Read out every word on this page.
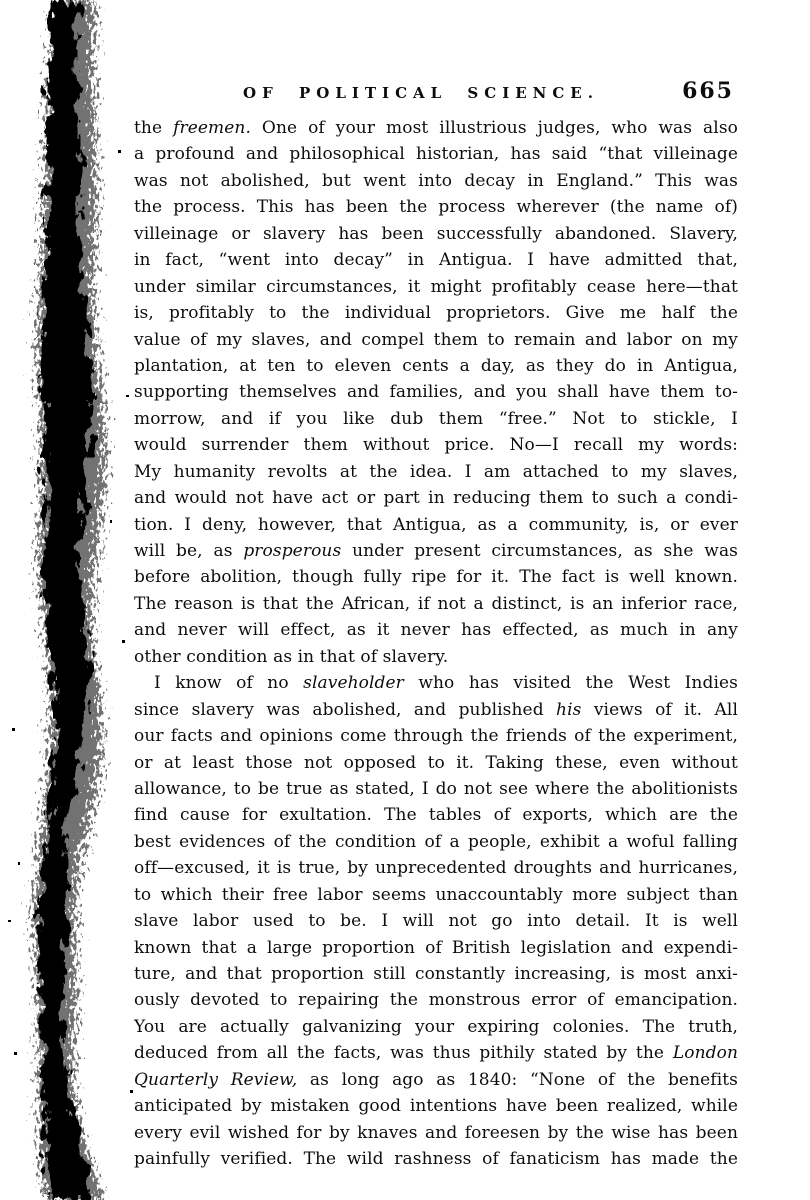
OF POLITICAL SCIENCE.	665
the freemen. One of your most illustrious judges, who was also
a profound and philosophical historian, has said “that villeinage
was not abolished, but went into decay in England.” This was
the process. This has been the process wherever (the name of)
villeinage or slavery has been successfully abandoned. Slavery,
in fact, “went into decay” in Antigua. I have admitted that,
under similar circumstances, it might profitably cease here—that
is, profitably to the individual proprietors. Give me half the
value of my slaves, and compel them to remain and labor on my
plantation, at ten to eleven cents a day, as they do in Antigua,
supporting themselves and families, and you shall have them to-
morrow, and if you like dub them “free.” Not to stickle, I
would surrender them without price. No—I recall my words:
My humanity revolts at the idea. I am attached to my slaves,
and would not have act or part in reducing them to such a condi-
tion. I deny, however, that Antigua, as a community, is, or ever
will be, as prosperous under present circumstances, as she was
before abolition, though fully ripe for it. The fact is well known.
The reason is that the African, if not a distinct, is an inferior race,
and never will effect, as it never has effected, as much in any
other condition as in that of slavery.
I know of no slaveholder who has visited the West Indies
since slavery was abolished, and published his views of it. All
our facts and opinions come through the friends of the experiment,
or at least those not opposed to it. Taking these, even without
allowance, to be true as stated, I do not see where the abolitionists
find cause for exultation. The tables of exports, which are the
best evidences of the condition of a people, exhibit a woful falling
off—excused, it is true, by unprecedented droughts and hurricanes,
to which their free labor seems unaccountably more subject than
slave labor used to be. I will not go into detail. It is well
known that a large proportion of British legislation and expendi-
ture, and that proportion still constantly increasing, is most anxi-
ously devoted to repairing the monstrous error of emancipation.
You are actually galvanizing your expiring colonies. The truth,
deduced from all the facts, was thus pithily stated by the London
Quarterly Review, as long ago as 1840: “None of the benefits
anticipated by mistaken good intentions have been realized, while
every evil wished for by knaves and foreesen by the wise has been
painfully verified. The wild rashness of fanaticism has made the
